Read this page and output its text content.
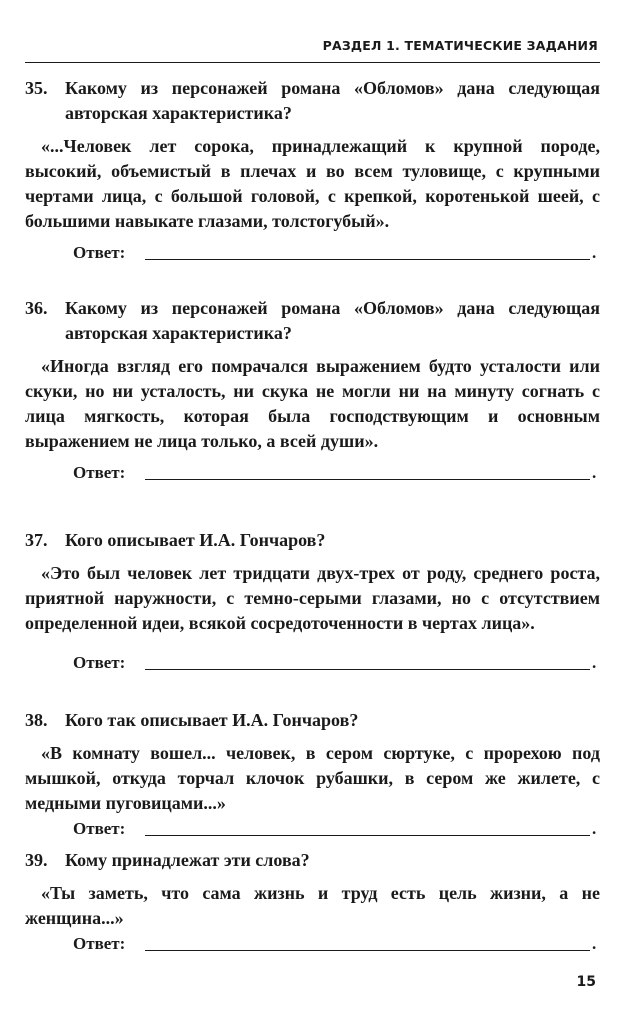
РАЗДЕЛ 1. ТЕМАТИЧЕСКИЕ ЗАДАНИЯ
35. Какому из персонажей романа «Обломов» дана следующая авторская характеристика?
«...Человек лет сорока, принадлежащий к крупной породе, высокий, объемистый в плечах и во всем туловище, с крупными чертами лица, с большой головой, с крепкой, коротенькой шеей, с большими навыкате глазами, толстогубый».
Ответ:	.
36. Какому из персонажей романа «Обломов» дана следующая авторская характеристика?
«Иногда взгляд его помрачался выражением будто усталости или скуки, но ни усталость, ни скука не могли ни на минуту согнать с лица мягкость, которая была господствующим и основным выражением не лица только, а всей души».
Ответ:	.
37. Кого описывает И.А. Гончаров?
«Это был человек лет тридцати двух-трех от роду, среднего роста, приятной наружности, с темно-серыми глазами, но с отсутствием определенной идеи, всякой сосредоточенности в чертах лица».
Ответ:	.
38. Кого так описывает И.А. Гончаров?
«В комнату вошел... человек, в сером сюртуке, с прорехою под мышкой, откуда торчал клочок рубашки, в сером же жилете, с медными пуговицами...»
Ответ:	.
39. Кому принадлежат эти слова?
«Ты заметь, что сама жизнь и труд есть цель жизни, а не женщина...»
Ответ:	.
15
